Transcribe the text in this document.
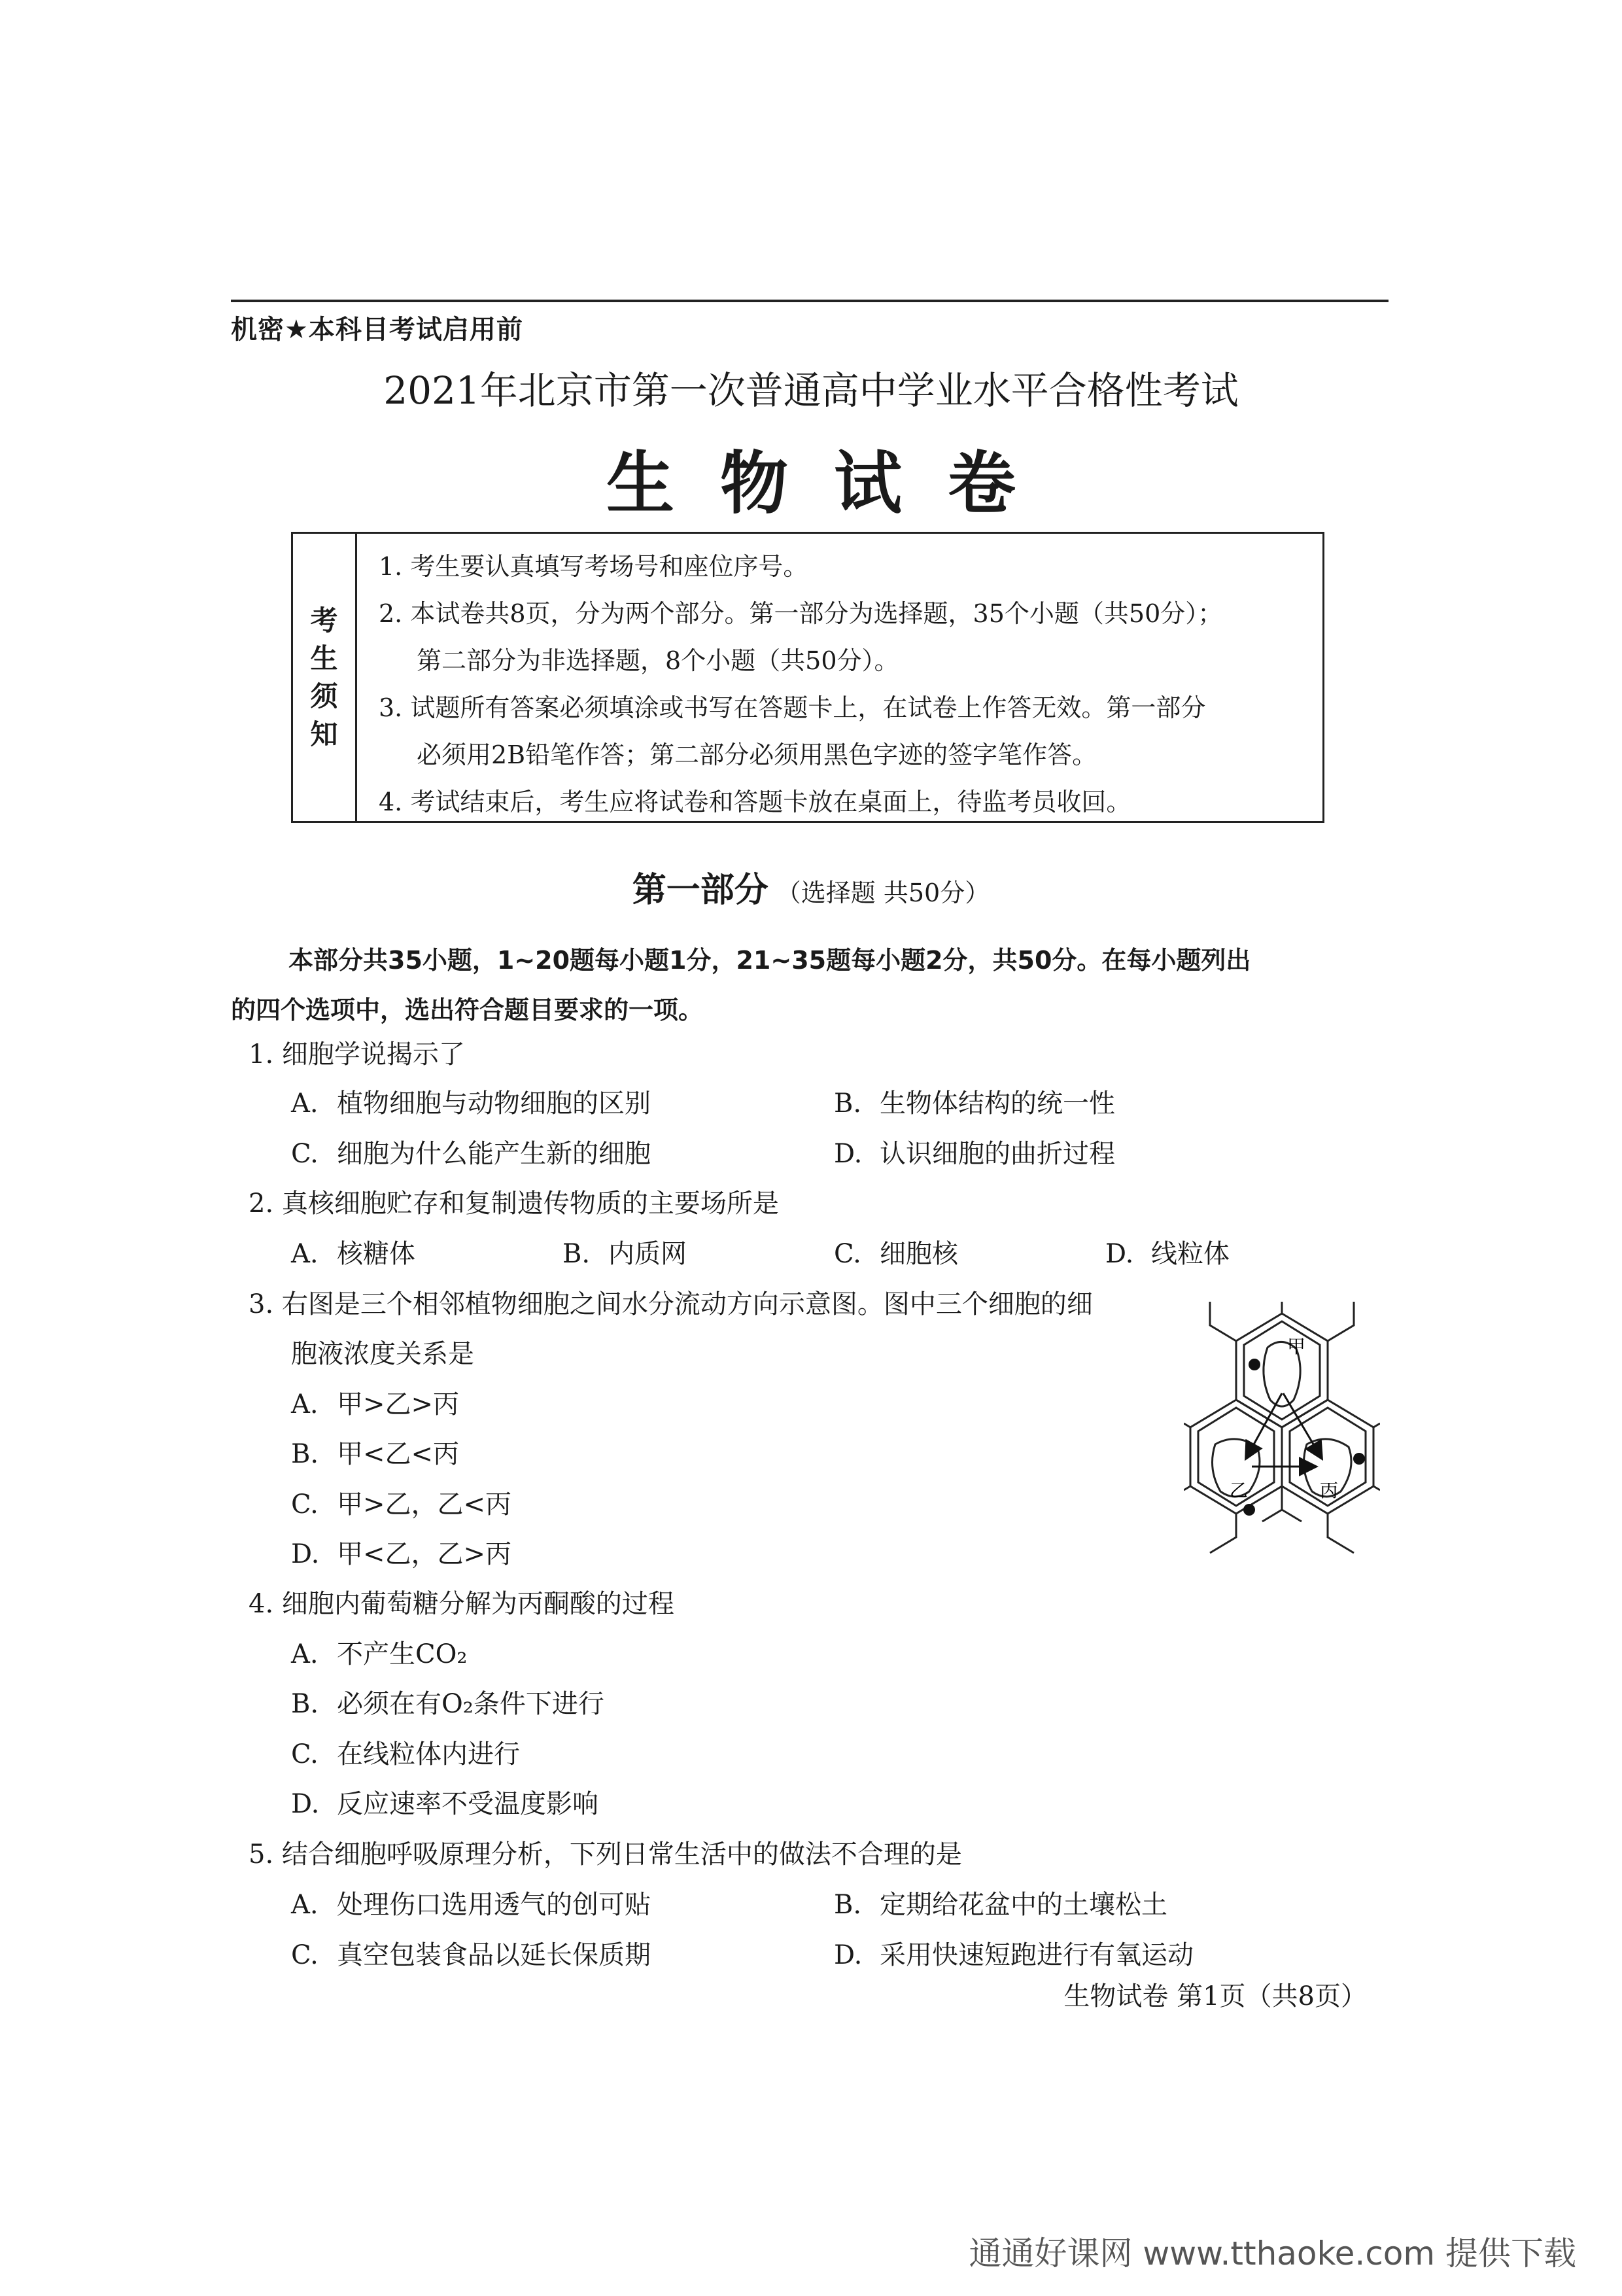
机密★本科目考试启用前
2021年北京市第一次普通高中学业水平合格性考试
生物试卷
考
生
须
知
1. 考生要认真填写考场号和座位序号。
2. 本试卷共8页，分为两个部分。第一部分为选择题，35个小题（共50分）；
第二部分为非选择题，8个小题（共50分）。
3. 试题所有答案必须填涂或书写在答题卡上，在试卷上作答无效。第一部分
必须用2B铅笔作答；第二部分必须用黑色字迹的签字笔作答。
4. 考试结束后，考生应将试卷和答题卡放在桌面上，待监考员收回。
第一部分 （选择题 共50分）
本部分共35小题，1~20题每小题1分，21~35题每小题2分，共50分。在每小题列出
的四个选项中，选出符合题目要求的一项。
1. 细胞学说揭示了
A. 植物细胞与动物细胞的区别	B. 生物体结构的统一性
C. 细胞为什么能产生新的细胞	D. 认识细胞的曲折过程
2. 真核细胞贮存和复制遗传物质的主要场所是
A. 核糖体	B. 内质网	C. 细胞核	D. 线粒体
3. 右图是三个相邻植物细胞之间水分流动方向示意图。图中三个细胞的细
胞液浓度关系是
A. 甲>乙>丙
B. 甲<乙<丙
C. 甲>乙，乙<丙
D. 甲<乙，乙>丙
甲
乙	丙
4. 细胞内葡萄糖分解为丙酮酸的过程
A. 不产生CO₂
B. 必须在有O₂条件下进行
C. 在线粒体内进行
D. 反应速率不受温度影响
5. 结合细胞呼吸原理分析，下列日常生活中的做法不合理的是
A. 处理伤口选用透气的创可贴	B. 定期给花盆中的土壤松土
C. 真空包装食品以延长保质期	D. 采用快速短跑进行有氧运动
生物试卷 第1页（共8页）
通通好课网 www.tthaoke.com 提供下载
